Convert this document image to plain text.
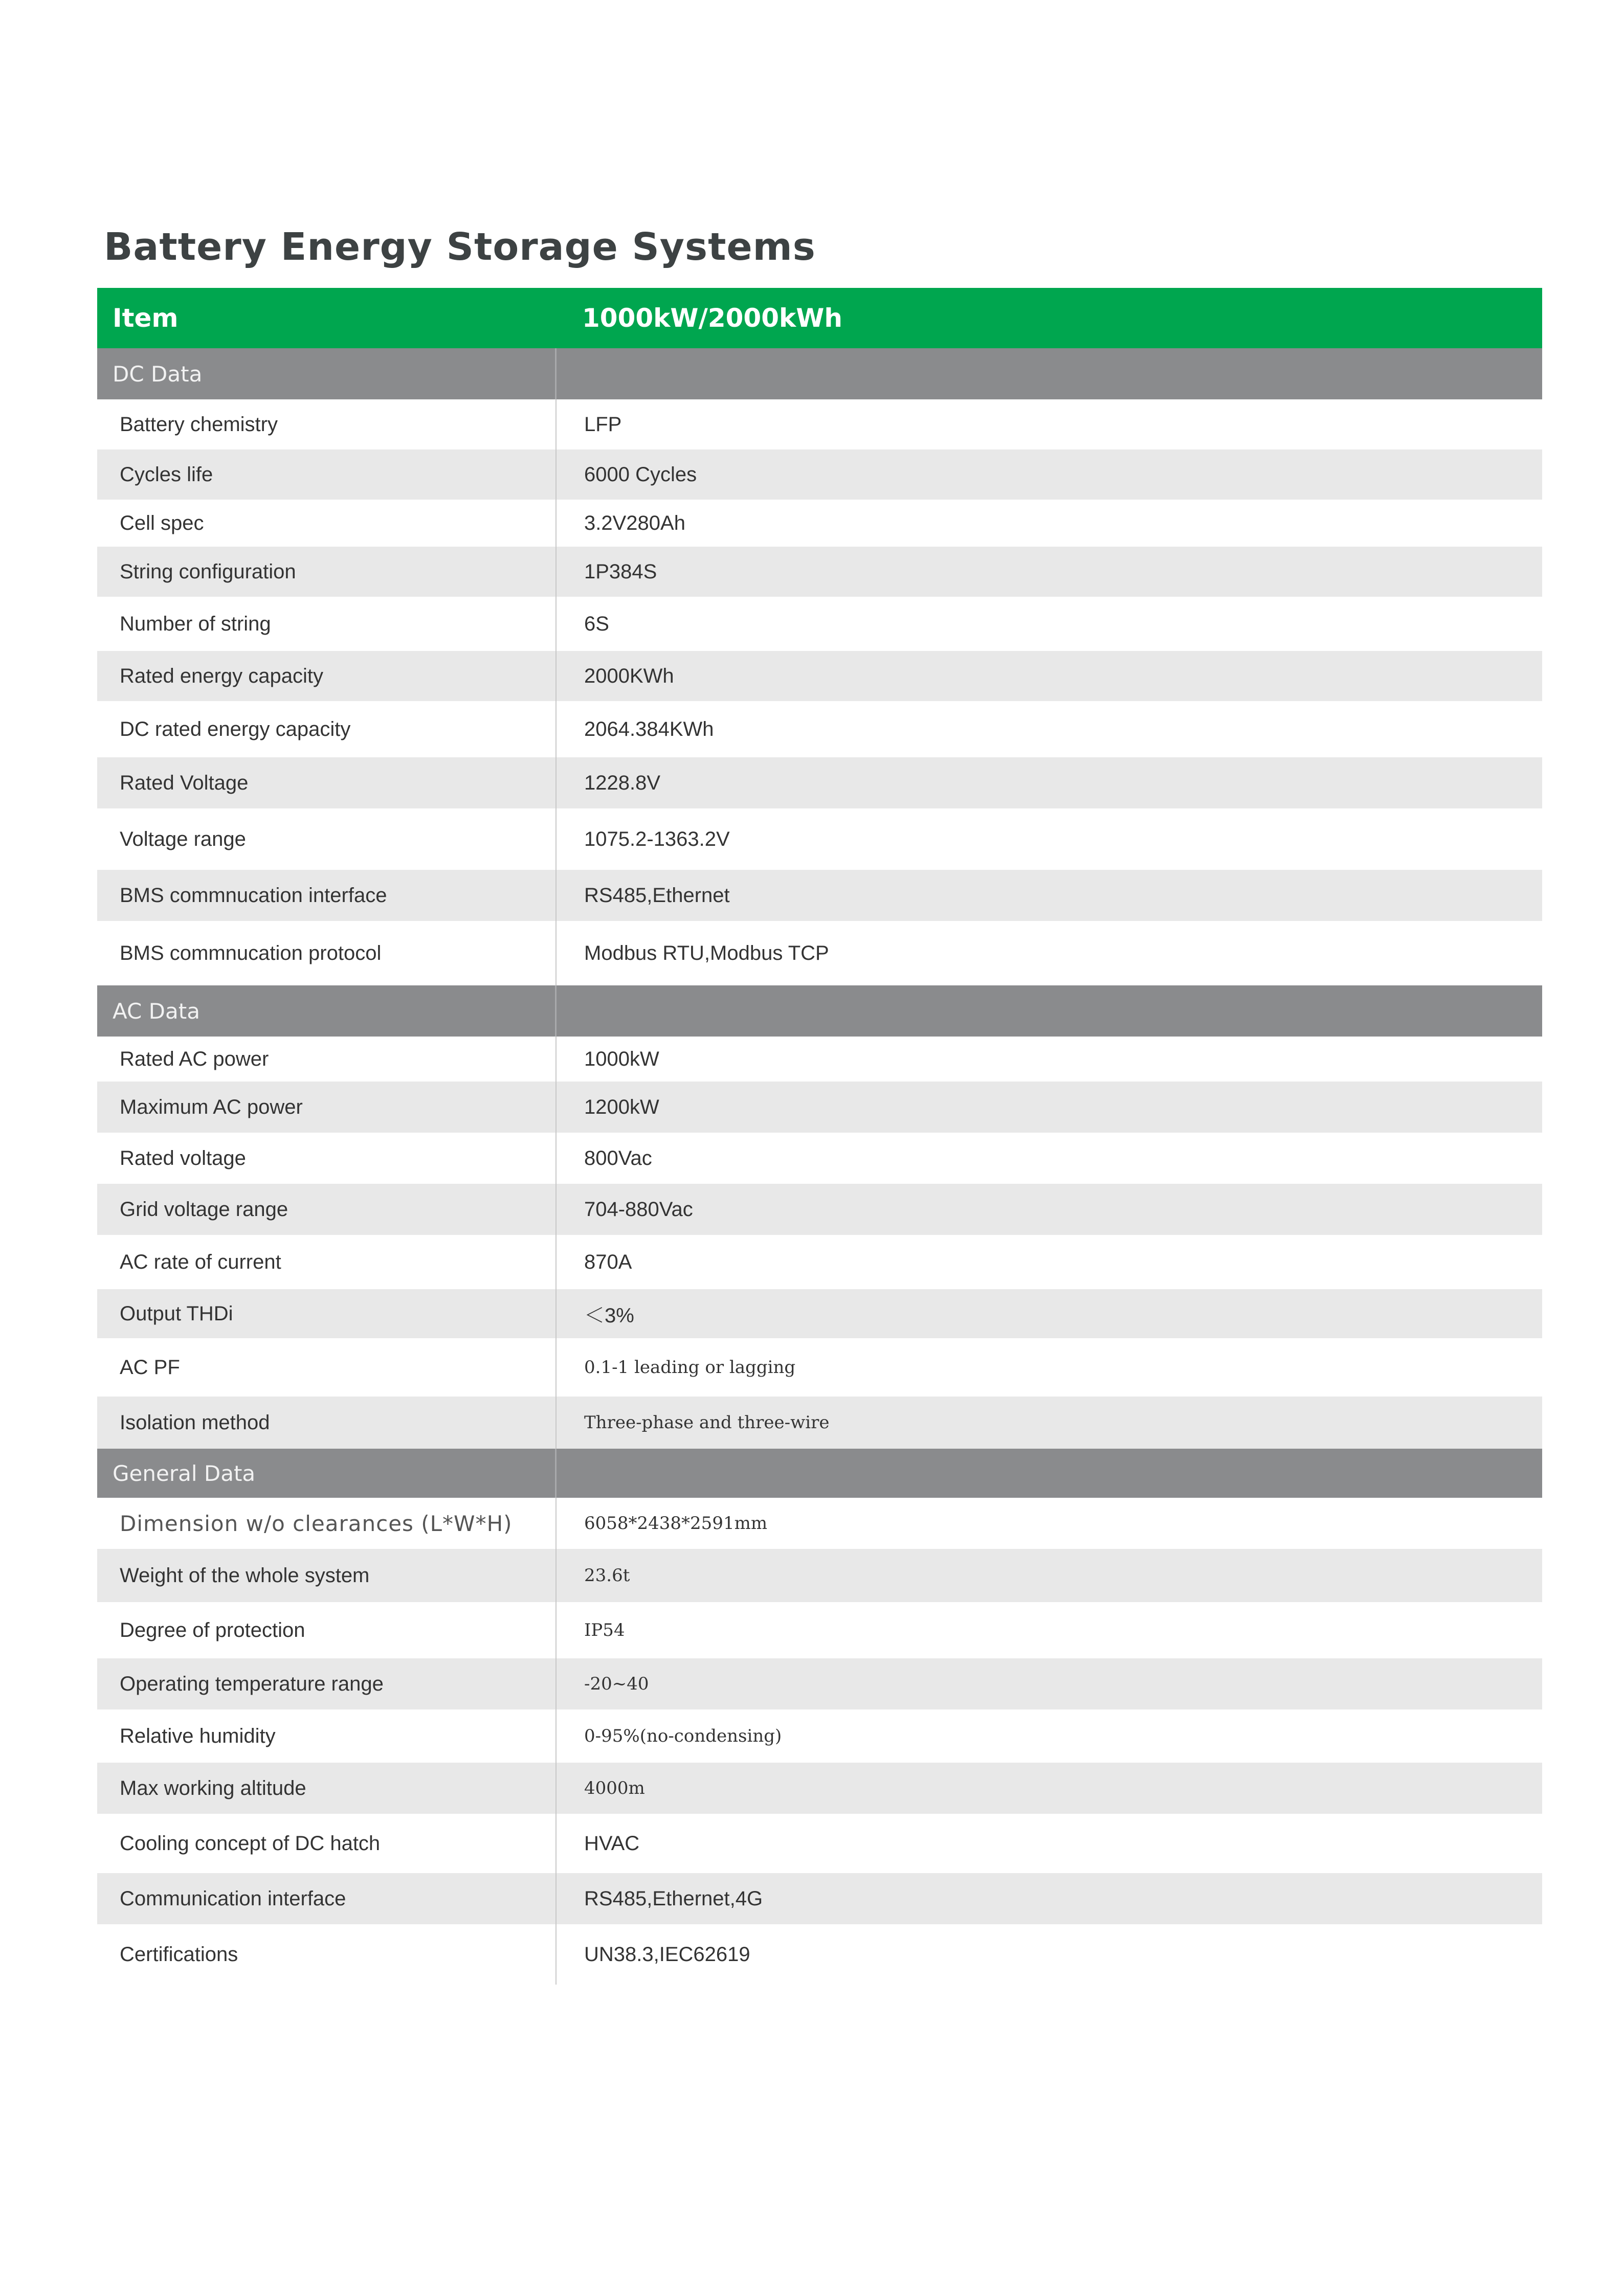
Battery Energy Storage Systems
Item	1000kW/2000kWh
DC Data
Battery chemistry	LFP
Cycles life	6000 Cycles
Cell spec	3.2V280Ah
String configuration	1P384S
Number of string	6S
Rated energy capacity	2000KWh
DC rated energy capacity	2064.384KWh
Rated Voltage	1228.8V
Voltage range	1075.2-1363.2V
BMS commnucation interface	RS485,Ethernet
BMS commnucation protocol	Modbus RTU,Modbus TCP
AC Data
Rated AC power	1000kW
Maximum AC power	1200kW
Rated voltage	800Vac
Grid voltage range	704-880Vac
AC rate of current	870A
Output THDi	＜3%
AC PF	0.1-1 leading or lagging
Isolation method	Three-phase and three-wire
General Data
Dimension w/o clearances (L*W*H)	6058*2438*2591mm
Weight of the whole system	23.6t
Degree of protection	IP54
Operating temperature range	-20~40
Relative humidity	0-95%(no-condensing)
Max working altitude	4000m
Cooling concept of DC hatch	HVAC
Communication interface	RS485,Ethernet,4G
Certifications	UN38.3,IEC62619
